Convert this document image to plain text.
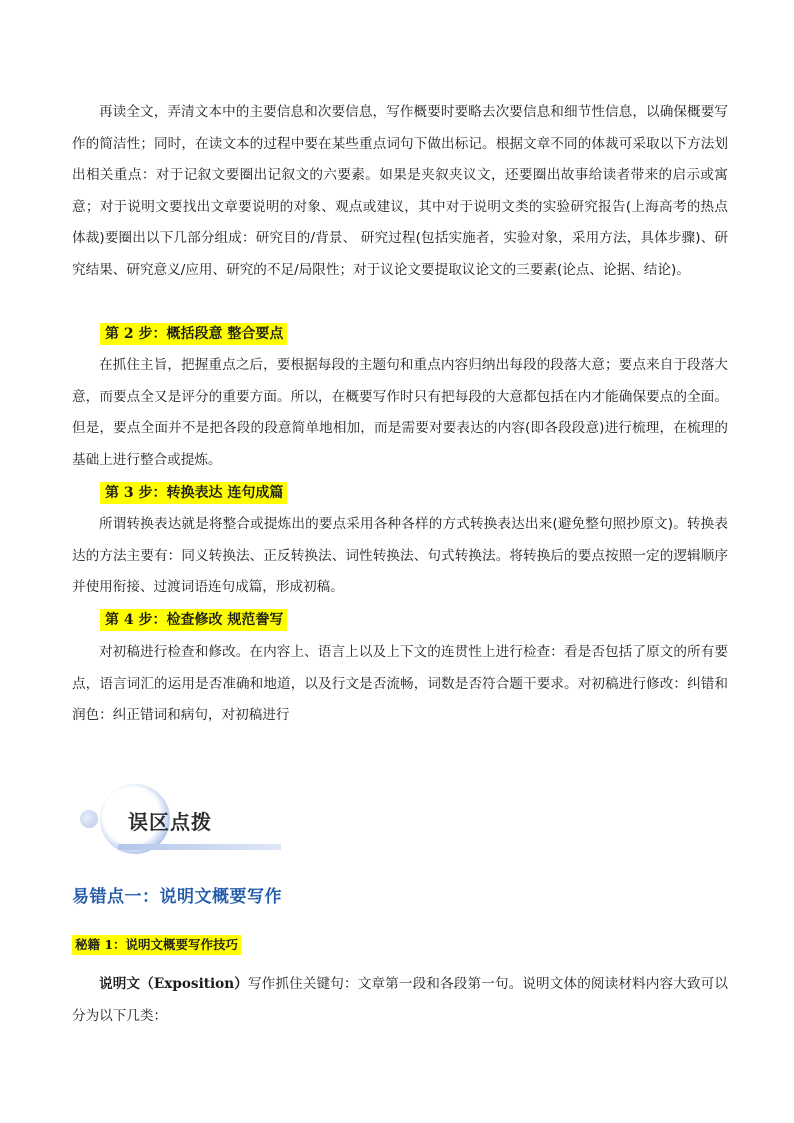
再读全文，弄清文本中的主要信息和次要信息，写作概要时要略去次要信息和细节性信息，以确保概要写作的简洁性；同时，在读文本的过程中要在某些重点词句下做出标记。根据文章不同的体裁可采取以下方法划出相关重点：对于记叙文要圈出记叙文的六要素。如果是夹叙夹议文，还要圈出故事给读者带来的启示或寓意；对于说明文要找出文章要说明的对象、观点或建议，其中对于说明文类的实验研究报告(上海高考的热点体裁)要圈出以下几部分组成：研究目的/背景、 研究过程(包括实施者，实验对象，采用方法，具体步骤)、研究结果、研究意义/应用、研究的不足/局限性；对于议论文要提取议论文的三要素(论点、论据、结论)。

第 2 步：概括段意 整合要点

在抓住主旨，把握重点之后，要根据每段的主题句和重点内容归纳出每段的段落大意；要点来自于段落大意，而要点全又是评分的重要方面。所以，在概要写作时只有把每段的大意都包括在内才能确保要点的全面。但是，要点全面并不是把各段的段意简单地相加，而是需要对要表达的内容(即各段段意)进行梳理，在梳理的基础上进行整合或提炼。

第 3 步：转换表达 连句成篇

所谓转换表达就是将整合或提炼出的要点采用各种各样的方式转换表达出来(避免整句照抄原文)。转换表达的方法主要有：同义转换法、正反转换法、词性转换法、句式转换法。将转换后的要点按照一定的逻辑顺序并使用衔接、过渡词语连句成篇，形成初稿。

第 4 步：检查修改 规范誊写

对初稿进行检查和修改。在内容上、语言上以及上下文的连贯性上进行检查：看是否包括了原文的所有要点，语言词汇的运用是否准确和地道，以及行文是否流畅，词数是否符合题干要求。对初稿进行修改：纠错和润色：纠正错词和病句，对初稿进行

误区点拨
易错点一：说明文概要写作
秘籍 1：说明文概要写作技巧

说明文（Exposition）写作抓住关键句：文章第一段和各段第一句。说明文体的阅读材料内容大致可以分为以下几类：
